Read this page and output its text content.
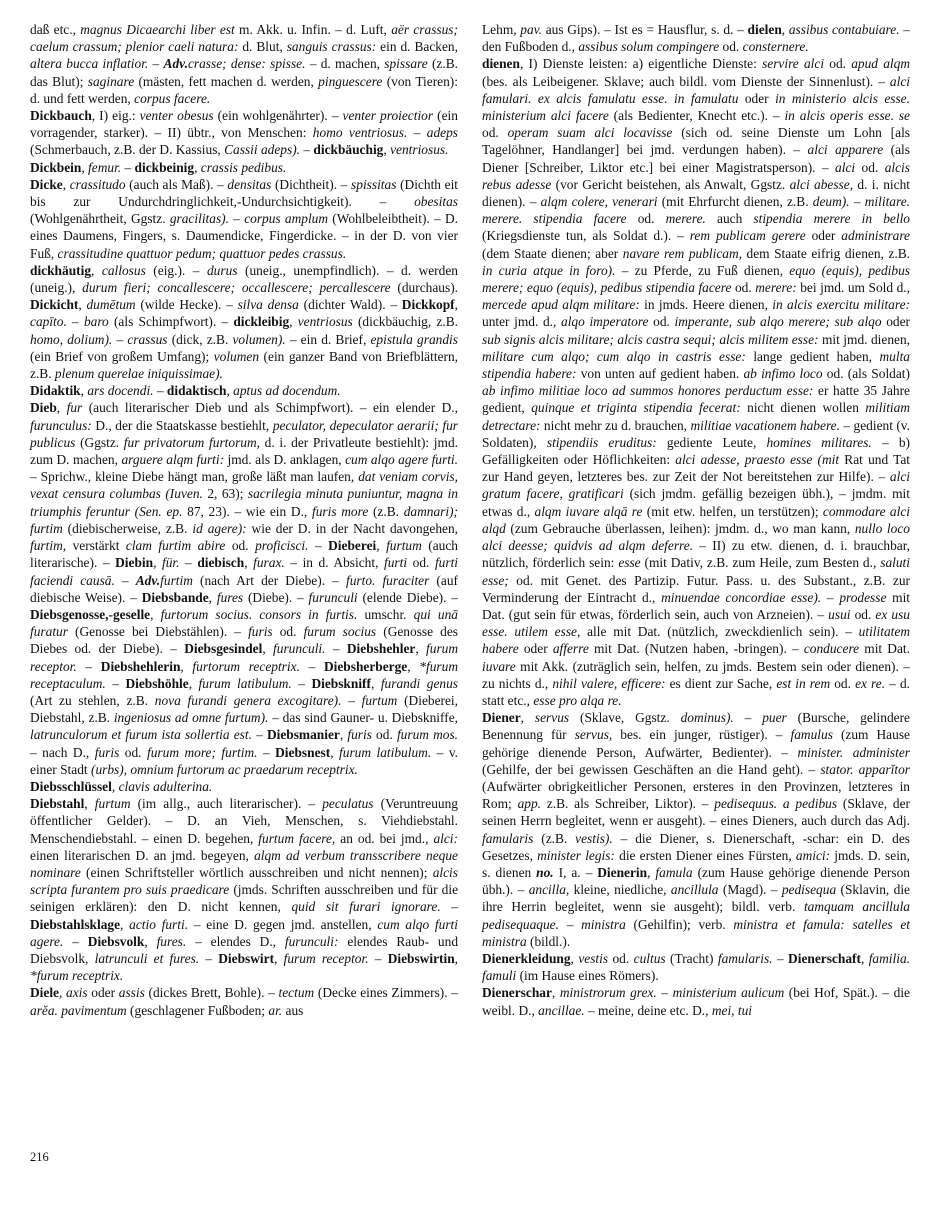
daß etc., magnus Dicaearchi liber est m. Akk. u. Infin. – d. Luft, aër crassus; caelum crassum; plenior caeli natura: d. Blut, sanguis crassus: ein d. Backen, altera bucca inflatior. – Adv.crasse; dense: spisse. – d. machen, spissare (z.B. das Blut); saginare (mästen, fett machen d. werden, pinguescere (von Tieren): d. und fett werden, corpus facere.

Dickbauch, I) eig.: venter obesus (ein wohlgenährter). – venter proiectior (ein vorragender, starker). – II) übtr., von Menschen: homo ventriosus. – adeps (Schmerbauch, z.B. der D. Kassius, Cassii adeps). – dickbäuchig, ventriosus.

Dickbein, femur. – dickbeinig, crassis pedibus.

Dicke, crassitudo (auch als Maß). – densitas (Dichtheit). – spissitas (Dichth eit bis zur Undurchdringlichkeit,-Undurchsichtigkeit). – obesitas (Wohlgenährtheit, Ggstz. gracilitas). – corpus amplum (Wohlbeleibtheit). – D. eines Daumens, Fingers, s. Daumendicke, Fingerdicke. – in der D. von vier Fuß, crassitudine quattuor pedum; quattuor pedes crassus.

dickhäutig, callosus (eig.). – durus (uneig., unempfindlich). – d. werden (uneig.), durum fieri; concallescere; occallescere; percallescere (durchaus). Dickicht, dumētum (wilde Hecke). – silva densa (dichter Wald). – Dickkopf, capīto. – baro (als Schimpfwort). – dickleibig, ventriosus (dickbäuchig, z.B. homo, dolium). – crassus (dick, z.B. volumen). – ein d. Brief, epistula grandis (ein Brief von großem Umfang); volumen (ein ganzer Band von Briefblättern, z.B. plenum querelae iniquissimae).

Didaktik, ars docendi. – didaktisch, aptus ad docendum.

Dieb, fur (auch literarischer Dieb und als Schimpfwort). – ein elender D., furunculus: D., der die Staatskasse bestiehlt, peculator, depeculator aerarii; fur publicus (Ggstz. fur privatorum furtorum, d. i. der Privatleute bestiehlt): jmd. zum D. machen, arguere alqm furti: jmd. als D. anklagen, cum alqo agere furti. – Sprichw., kleine Diebe hängt man, große läßt man laufen, dat veniam corvis, vexat censura columbas (Iuven. 2, 63); sacrilegia minuta puniuntur, magna in triumphis feruntur (Sen. ep. 87, 23). – wie ein D., furis more (z.B. damnari); furtim (diebischerweise, z.B. id agere): wie der D. in der Nacht davongehen, furtim, verstärkt clam furtim abire od. proficisci. – Dieberei, furtum (auch literarische). – Diebin, für. – diebisch, furax. – in d. Absicht, furti od. furti faciendi causā. – Adv.furtim (nach Art der Diebe). – furto. furaciter (auf diebische Weise). – Diebsbande, fures (Diebe). – furunculi (elende Diebe). – Diebsgenosse,-geselle, furtorum socius. consors in furtis. umschr. qui unā furatur (Genosse bei Diebstählen). – furis od. furum socius (Genosse des Diebes od. der Diebe). – Diebsgesindel, furunculi. – Diebshehler, furum receptor. – Diebshehlerin, furtorum receptrix. – Diebsherberge, *furum receptaculum. – Diebshöhle, furum latibulum. – Diebskniff, furandi genus (Art zu stehlen, z.B. nova furandi genera excogitare). – furtum (Dieberei, Diebstahl, z.B. ingeniosus ad omne furtum). – das sind Gauner- u. Diebskniffe, latrunculorum et furum ista sollertia est. – Diebsmanier, furis od. furum mos. – nach D., furis od. furum more; furtim. – Diebsnest, furum latibulum. – v. einer Stadt (urbs), omnium furtorum ac praedarum receptrix.

Diebsschlüssel, clavis adulterina.

Diebstahl, furtum (im allg., auch literarischer). – peculatus (Veruntreuung öffentlicher Gelder). – D. an Vieh, Menschen, s. Viehdiebstahl. Menschendiebstahl. – einen D. begehen, furtum facere, an od. bei jmd., alci: einen literarischen D. an jmd. begeyen, alqm ad verbum transscribere neque nominare (einen Schriftsteller wörtlich ausschreiben und nicht nennen); alcis scripta furantem pro suis praedicare (jmds. Schriften ausschreiben und für die seinigen erklären): den D. nicht kennen, quid sit furari ignorare. – Diebstahlsklage, actio furti. – eine D. gegen jmd. anstellen, cum alqo furti agere. – Diebsvolk, fures. – elendes D., furunculi: elendes Raub- und Diebsvolk, latrunculi et fures. – Diebswirt, furum receptor. – Diebswirtin, *furum receptrix.

Diele, axis oder assis (dickes Brett, Bohle). – tectum (Decke eines Zimmers). – arĕa. pavimentum (geschlagener Fußboden; ar. aus

Lehm, pav. aus Gips). – Ist es = Hausflur, s. d. – dielen, assibus contabuiare. – den Fußboden d., assibus solum compingere od. consternere.

dienen, I) Dienste leisten: a) eigentliche Dienste: servire alci od. apud alqm (bes. als Leibeigener. Sklave; auch bildl. vom Dienste der Sinnenlust). – alci famulari. ex alcis famulatu esse. in famulatu oder in ministerio alcis esse. ministerium alci facere (als Bedienter, Knecht etc.). – in alcis operis esse. se od. operam suam alci locavisse (sich od. seine Dienste um Lohn [als Tagelöhner, Handlanger] bei jmd. verdungen haben). – alci apparere (als Diener [Schreiber, Liktor etc.] bei einer Magistratsperson). – alci od. alcis rebus adesse (vor Gericht beistehen, als Anwalt, Ggstz. alci abesse, d. i. nicht dienen). – alqm colere, venerari (mit Ehrfurcht dienen, z.B. deum). – militare. merere. stipendia facere od. merere. auch stipendia merere in bello (Kriegsdienste tun, als Soldat d.). – rem publicam gerere oder administrare (dem Staate dienen; aber navare rem publicam, dem Staate eifrig dienen, z.B. in curia atque in foro). – zu Pferde, zu Fuß dienen, equo (equis), pedibus merere; equo (equis), pedibus stipendia facere od. merere: bei jmd. um Sold d., mercede apud alqm militare: in jmds. Heere dienen, in alcis exercitu militare: unter jmd. d., alqo imperatore od. imperante, sub alqo merere; sub alqo oder sub signis alcis militare; alcis castra sequi; alcis militem esse: mit jmd. dienen, militare cum alqo; cum alqo in castris esse: lange gedient haben, multa stipendia habere: von unten auf gedient haben. ab infimo loco od. (als Soldat) ab infimo militiae loco ad summos honores perductum esse: er hatte 35 Jahre gedient, quinque et triginta stipendia fecerat: nicht dienen wollen militiam detrectare: nicht mehr zu d. brauchen, militiae vacationem habere. – gedient (v. Soldaten), stipendiis eruditus: gediente Leute, homines militares. – b) Gefälligkeiten oder Höflichkeiten: alci adesse, praesto esse (mit Rat und Tat zur Hand geyen, letzteres bes. zur Zeit der Not bereitstehen zur Hilfe). – alci gratum facere, gratificari (sich jmdm. gefällig bezeigen übh.), – jmdm. mit etwas d., alqm iuvare alqā re (mit etw. helfen, un terstützen); commodare alci alqd (zum Gebrauche überlassen, leihen): jmdm. d., wo man kann, nullo loco alci deesse; quidvis ad alqm deferre. – II) zu etw. dienen, d. i. brauchbar, nützlich, förderlich sein: esse (mit Dativ, z.B. zum Heile, zum Besten d., saluti esse; od. mit Genet. des Partizip. Futur. Pass. u. des Substant., z.B. zur Verminderung der Eintracht d., minuendae concordiae esse). – prodesse mit Dat. (gut sein für etwas, förderlich sein, auch von Arzneien). – usui od. ex usu esse. utilem esse, alle mit Dat. (nützlich, zweckdienlich sein). – utilitatem habere oder afferre mit Dat. (Nutzen haben, -bringen). – conducere mit Dat. iuvare mit Akk. (zuträglich sein, helfen, zu jmds. Bestem sein oder dienen). – zu nichts d., nihil valere, efficere: es dient zur Sache, est in rem od. ex re. – d. statt etc., esse pro alqa re.

Diener, servus (Sklave, Ggstz. dominus). – puer (Bursche, gelindere Benennung für servus, bes. ein junger, rüstiger). – famulus (zum Hause gehörige dienende Person, Aufwärter, Bedienter). – minister. administer (Gehilfe, der bei gewissen Geschäften an die Hand geht). – stator. apparĭtor (Aufwärter obrigkeitlicher Personen, ersteres in den Provinzen, letzteres in Rom; app. z.B. als Schreiber, Liktor). – pedisequus. a pedibus (Sklave, der seinen Herrn begleitet, wenn er ausgeht). – eines Dieners, auch durch das Adj. famularis (z.B. vestis). – die Diener, s. Dienerschaft, -schar: ein D. des Gesetzes, minister legis: die ersten Diener eines Fürsten, amici: jmds. D. sein, s. dienen no. I, a. – Dienerin, famula (zum Hause gehörige dienende Person übh.). – ancilla, kleine, niedliche, ancillula (Magd). – pedisequa (Sklavin, die ihre Herrin begleitet, wenn sie ausgeht); bildl. verb. tamquam ancillula pedisequaque. – ministra (Gehilfin); verb. ministra et famula: satelles et ministra (bildl.).

Dienerkleidung, vestis od. cultus (Tracht) famularis. – Dienerschaft, familia. famuli (im Hause eines Römers).

Dienerschar, ministrorum grex. – ministerium aulicum (bei Hof, Spät.). – die weibl. D., ancillae. – meine, deine etc. D., mei, tui

216
